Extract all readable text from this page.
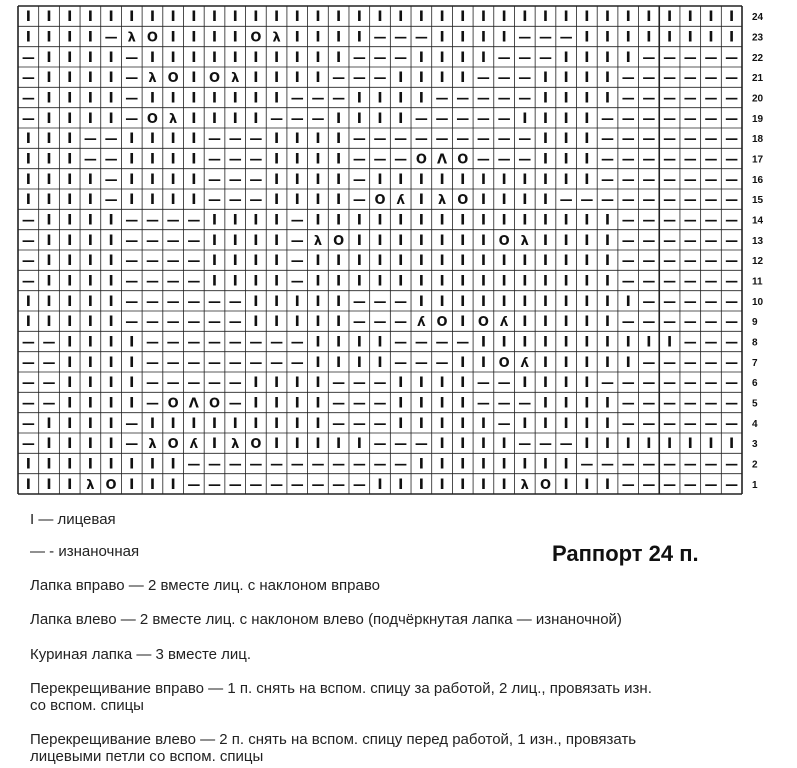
I I I λ O I I I — — — — — — — — — I I I I I I I λ O I I I — — — — — —
I I I I I I I I — — — — — — — — — — — I I I I I I I I — — — — — — — —
— I I I I — λ O ʎ I λ O I I I I I — — — I I I I — — — I I I I I I I I
— I I I I — I I I I I I I I I — — — I I I I I — I I I I I — — — — — —
— — I I I I — O Λ O — I I I I — — — I I I I — — — I I I I — — — — — —
— — I I I I — — — — — I I I I — — — I I I I — — I I I I — — — — — — —
— — I I I I — — — — — — — — I I I I — — — I I O ʎ I I I I I — — — — —
— — I I I I — — — — — — — — I I I I — — — — I I I I I I I I I I — — —
I I I I I — — — — — — I I I I I — — — ʎ O I O ʎ I I I I I — — — — — —
I I I I I — — — — — — I I I I I — — — I I I I I I I I I I I — — — — —
— I I I I — — — — I I I I — I I I I I I I I I I I I I I I — — — — — —
— I I I I — — — — I I I I — I I I I I I I I I I I I I I I — — — — — —
— I I I I — — — — I I I I — λ O I I I I I I I O λ I I I I — — — — — —
— I I I I — — — — I I I I — I I I I I I I I I I I I I I I — — — — — —
I I I I — I I I I — — — I I I I — O ʎ I λ O I I I I — — — — — — — — —
I I I I — I I I I — — — I I I I — I I I I I I I I I I I — — — — — — —
I I I — — I I I I — — — I I I I — — — O Λ O — — — I I I — — — — — — —
I I I — — I I I I — — — I I I I — — — — — — — — — I I I — — — — — — —
— I I I I — O λ I I I I — — — I I I I — — — — — I I I I — — — — — — —
— I I I I — I I I I I I I — — — I I I I — — — — — I I I I — — — — — —
— I I I I — λ O I O λ I I I I — — — I I I I — — — I I I I — — — — — —
— I I I I — I I I I I I I I I I — — — I I I I — — — I I I I — — — — —
I I I I — λ O I I I I O λ I I I I — — — I I I I — — — I I I I I I I I
I I I I I I I I I I I I I I I I I I I I I I I I I I I I I I I I I I I
1
2
3
4
5
6
7
8
9
10
11
12
13
14
15
16
17
18
19
20
21
22
23
24

I — лицевая

— - изнаночная

Лапка вправо — 2 вместе лиц. с наклоном вправо

Лапка влево — 2 вместе лиц. с наклоном влево (подчёркнутая лапка — изнаночной)

Куриная лапка — 3 вместе лиц.

Перекрещивание вправо — 1 п. снять на вспом. спицу за работой, 2 лиц., провязать изн.

со вспом. спицы

Перекрещивание влево — 2 п. снять на вспом. спицу перед работой, 1 изн., провязать

лицевыми петли со вспом. спицы

Раппорт 24 п.
